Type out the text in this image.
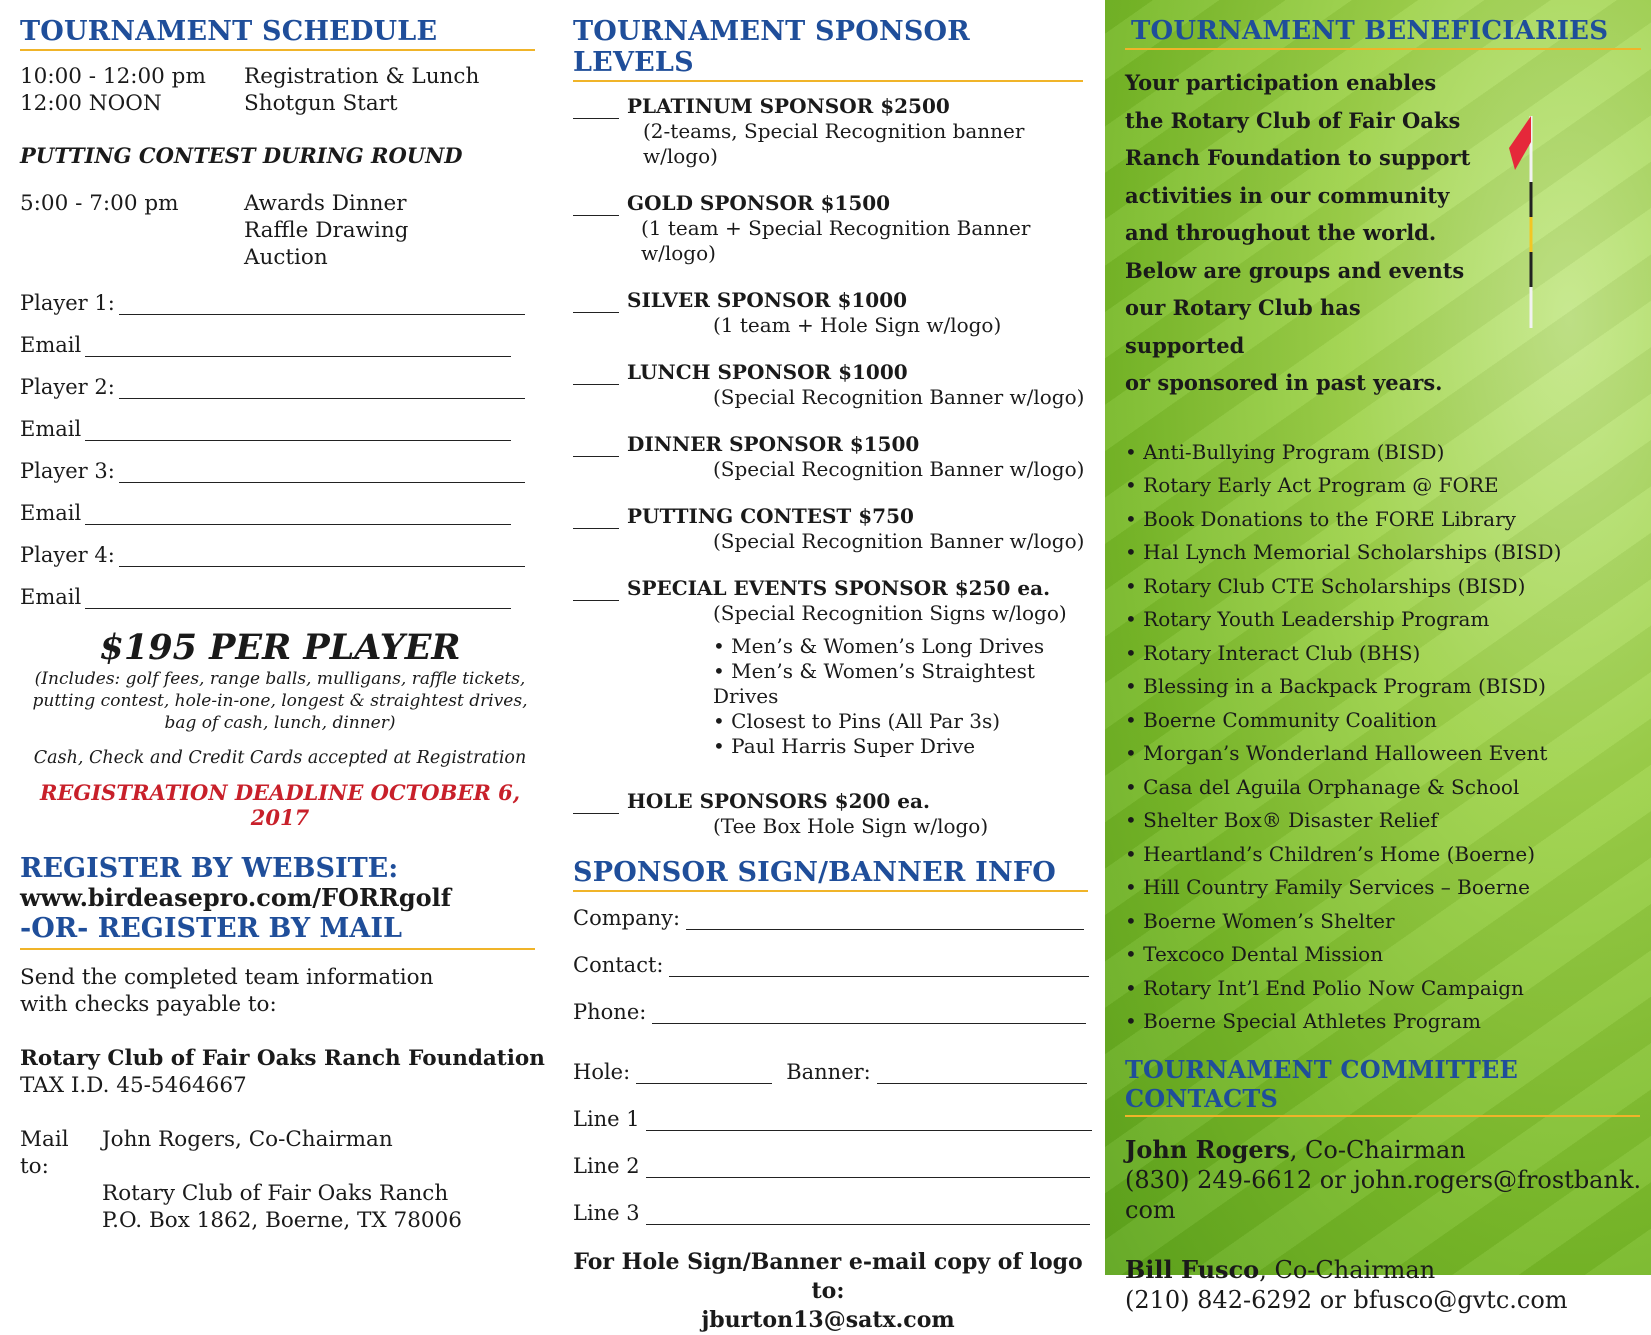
TOURNAMENT SCHEDULE
10:00 - 12:00 pm	Registration & Lunch
12:00 NOON	Shotgun Start
PUTTING CONTEST DURING ROUND
5:00 - 7:00 pm	Awards Dinner
Raffle Drawing
Auction
Player 1:
Email
Player 2:
Email
Player 3:
Email
Player 4:
Email
$195 PER PLAYER
(Includes: golf fees, range balls, mulligans, raffle tickets, putting contest, hole-in-one, longest & straightest drives, bag of cash, lunch, dinner)
Cash, Check and Credit Cards accepted at Registration
REGISTRATION DEADLINE OCTOBER 6, 2017
REGISTER BY WEBSITE:
www.birdeasepro.com/FORRgolf
-OR- REGISTER BY MAIL
Send the completed team information
with checks payable to:
Rotary Club of Fair Oaks Ranch Foundation
TAX I.D. 45-5464667
Mail to:
John Rogers, Co-Chairman
Rotary Club of Fair Oaks Ranch
P.O. Box 1862, Boerne, TX 78006
TOURNAMENT SPONSOR LEVELS
PLATINUM SPONSOR $2500
(2-teams, Special Recognition banner w/logo)
GOLD SPONSOR $1500
(1 team + Special Recognition Banner w/logo)
SILVER SPONSOR $1000
(1 team + Hole Sign w/logo)
LUNCH SPONSOR $1000
(Special Recognition Banner w/logo)
DINNER SPONSOR $1500
(Special Recognition Banner w/logo)
PUTTING CONTEST $750
(Special Recognition Banner w/logo)
SPECIAL EVENTS SPONSOR $250 ea.
(Special Recognition Signs w/logo)
• Men’s & Women’s Long Drives
• Men’s & Women’s Straightest Drives
• Closest to Pins (All Par 3s)
• Paul Harris Super Drive
HOLE SPONSORS $200 ea.
(Tee Box Hole Sign w/logo)
SPONSOR SIGN/BANNER INFO
Company:
Contact:
Phone:
Hole:	Banner:
Line 1
Line 2
Line 3
For Hole Sign/Banner e-mail copy of logo to:
jburton13@satx.com
TOURNAMENT BENEFICIARIES
Your participation enables
the Rotary Club of Fair Oaks
Ranch Foundation to support
activities in our community
and throughout the world.
Below are groups and events
our Rotary Club has supported
or sponsored in past years.
• Anti-Bullying Program (BISD)
• Rotary Early Act Program @ FORE
• Book Donations to the FORE Library
• Hal Lynch Memorial Scholarships (BISD)
• Rotary Club CTE Scholarships (BISD)
• Rotary Youth Leadership Program
• Rotary Interact Club (BHS)
• Blessing in a Backpack Program (BISD)
• Boerne Community Coalition
• Morgan’s Wonderland Halloween Event
• Casa del Aguila Orphanage & School
• Shelter Box® Disaster Relief
• Heartland’s Children’s Home (Boerne)
• Hill Country Family Services – Boerne
• Boerne Women’s Shelter
• Texcoco Dental Mission
• Rotary Int’l End Polio Now Campaign
• Boerne Special Athletes Program
TOURNAMENT COMMITTEE CONTACTS
John Rogers, Co-Chairman
(830) 249-6612 or john.rogers@frostbank.
com
Bill Fusco, Co-Chairman
(210) 842-6292 or bfusco@gvtc.com
